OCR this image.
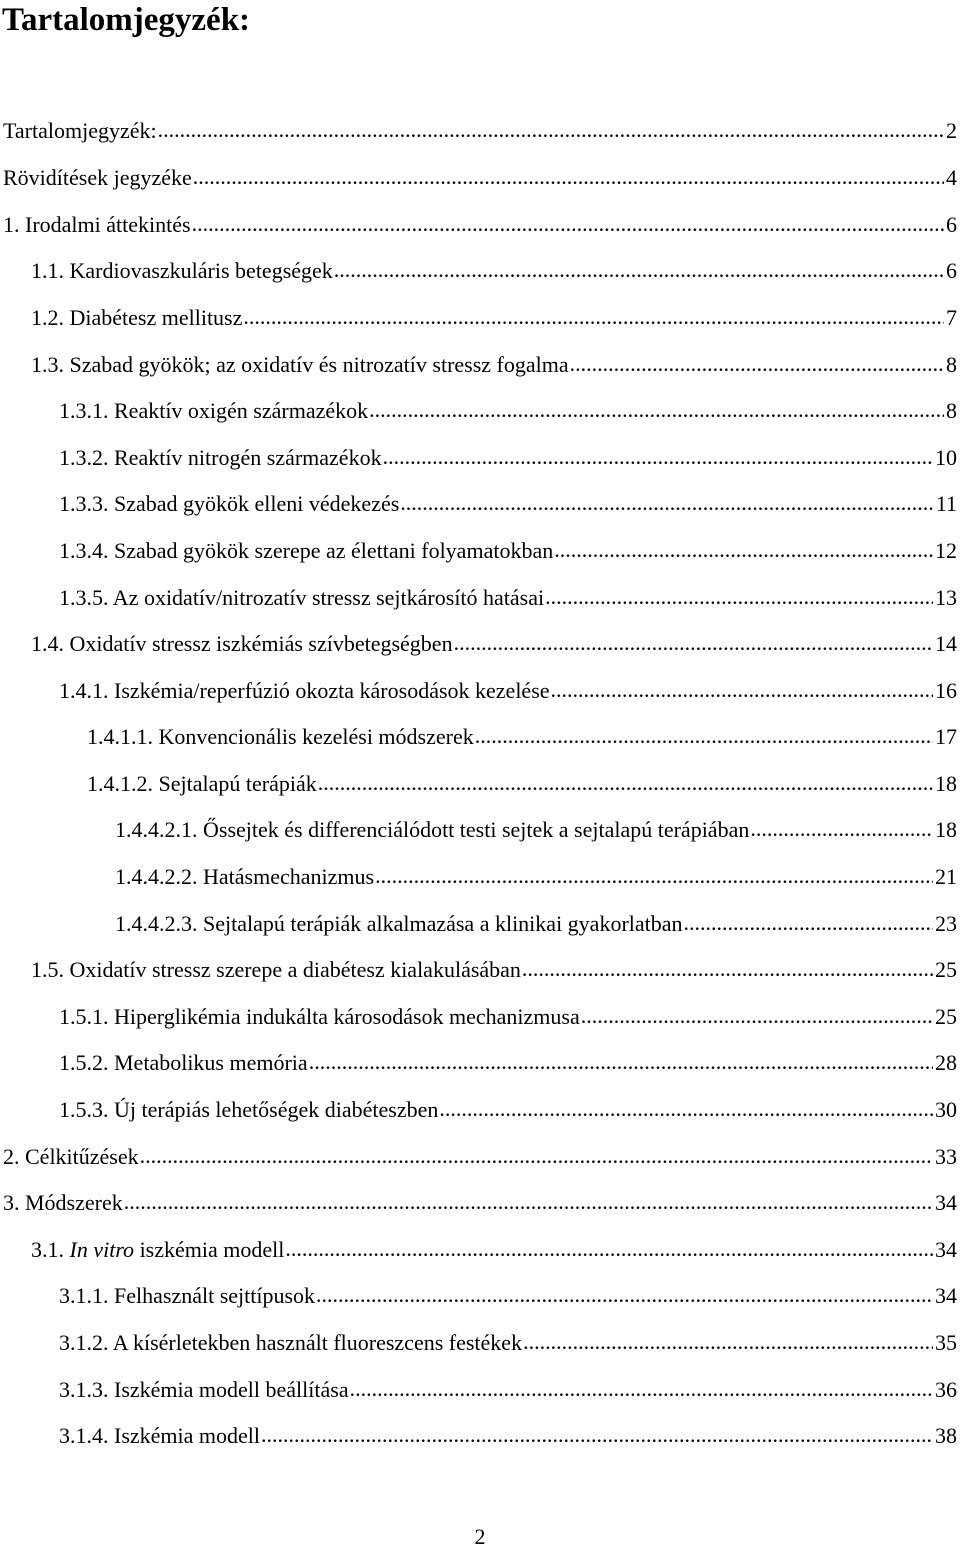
Tartalomjegyzék:
Tartalomjegyzék: .....	2
Rövidítések jegyzéke .....	4
1. Irodalmi áttekintés .....	6
1.1. Kardiovaszkuláris betegségek .....	6
1.2. Diabétesz mellitusz .....	7
1.3. Szabad gyökök; az oxidatív és nitrozatív stressz fogalma .....	8
1.3.1. Reaktív oxigén származékok .....	8
1.3.2. Reaktív nitrogén származékok .....	10
1.3.3. Szabad gyökök elleni védekezés .....	11
1.3.4. Szabad gyökök szerepe az élettani folyamatokban .....	12
1.3.5. Az oxidatív/nitrozatív stressz sejtkárosító hatásai .....	13
1.4. Oxidatív stressz iszkémiás szívbetegségben .....	14
1.4.1. Iszkémia/reperfúzió okozta károsodások kezelése .....	16
1.4.1.1. Konvencionális kezelési módszerek .....	17
1.4.1.2. Sejtalapú terápiák .....	18
1.4.4.2.1. Őssejtek és differenciálódott testi sejtek a sejtalapú terápiában .....	18
1.4.4.2.2. Hatásmechanizmus .....	21
1.4.4.2.3. Sejtalapú terápiák alkalmazása a klinikai gyakorlatban .....	23
1.5. Oxidatív stressz szerepe a diabétesz kialakulásában .....	25
1.5.1. Hiperglikémia indukálta károsodások mechanizmusa .....	25
1.5.2. Metabolikus memória .....	28
1.5.3. Új terápiás lehetőségek diabéteszben .....	30
2. Célkitűzések .....	33
3. Módszerek .....	34
3.1. In vitro iszkémia modell .....	34
3.1.1. Felhasznált sejttípusok .....	34
3.1.2. A kísérletekben használt fluoreszcens festékek .....	35
3.1.3. Iszkémia modell beállítása .....	36
3.1.4. Iszkémia modell .....	38
2
